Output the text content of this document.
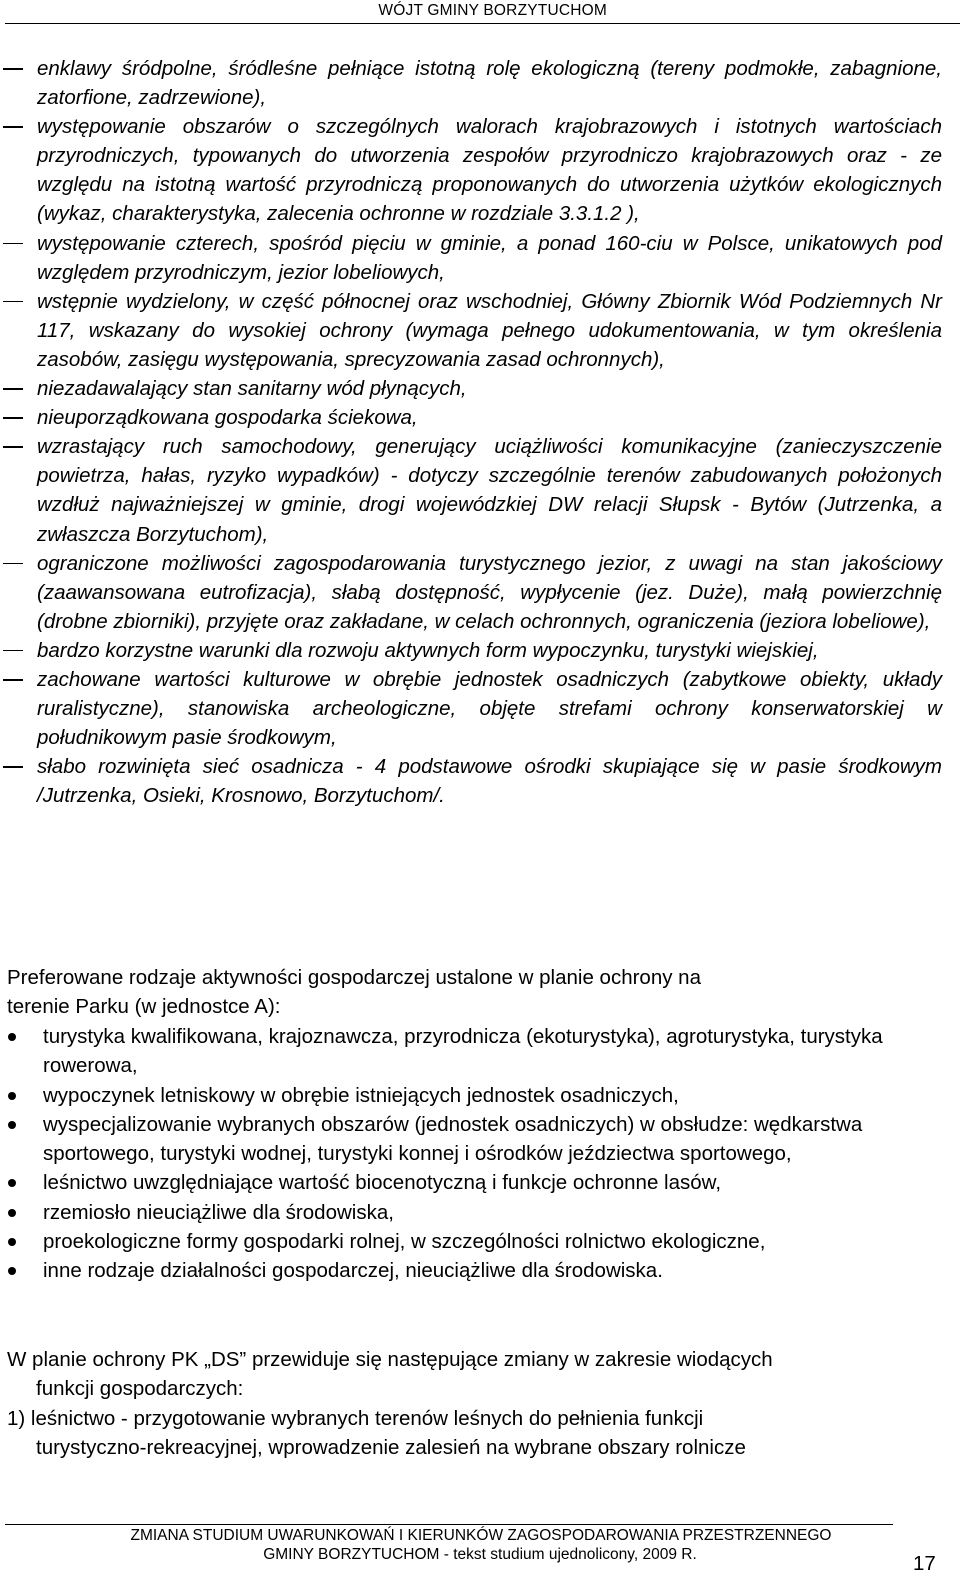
WÓJT GMINY BORZYTUCHOM
enklawy śródpolne, śródleśne pełniące istotną rolę ekologiczną (tereny podmokłe, zabagnione, zatorfione, zadrzewione),
występowanie obszarów o szczególnych walorach krajobrazowych i istotnych wartościach przyrodniczych, typowanych do utworzenia zespołów przyrodniczo krajobrazowych oraz - ze względu na istotną wartość przyrodniczą proponowanych do utworzenia użytków ekologicznych (wykaz, charakterystyka, zalecenia ochronne w rozdziale 3.3.1.2 ),
występowanie czterech, spośród pięciu w gminie, a ponad 160-ciu w Polsce, unikatowych pod względem przyrodniczym, jezior lobeliowych,
wstępnie wydzielony, w część północnej oraz wschodniej, Główny Zbiornik Wód Podziemnych Nr 117, wskazany do wysokiej ochrony (wymaga pełnego udokumentowania, w tym określenia zasobów, zasięgu występowania, sprecyzowania zasad ochronnych),
niezadawalający stan sanitarny wód płynących,
nieuporządkowana gospodarka ściekowa,
wzrastający ruch samochodowy, generujący uciążliwości komunikacyjne (zanieczyszczenie powietrza, hałas, ryzyko wypadków) - dotyczy szczególnie terenów zabudowanych położonych wzdłuż najważniejszej w gminie, drogi wojewódzkiej DW relacji Słupsk - Bytów (Jutrzenka, a zwłaszcza Borzytuchom),
ograniczone możliwości zagospodarowania turystycznego jezior, z uwagi na stan jakościowy (zaawansowana eutrofizacja), słabą dostępność, wypłycenie (jez. Duże), małą powierzchnię (drobne zbiorniki), przyjęte oraz zakładane, w celach ochronnych, ograniczenia (jeziora lobeliowe),
bardzo korzystne warunki dla rozwoju aktywnych form wypoczynku, turystyki wiejskiej,
zachowane wartości kulturowe w obrębie jednostek osadniczych (zabytkowe obiekty, układy ruralistyczne), stanowiska archeologiczne, objęte strefami ochrony konserwatorskiej w południkowym pasie środkowym,
słabo rozwinięta sieć osadnicza - 4 podstawowe ośrodki skupiające się w pasie środkowym /Jutrzenka, Osieki, Krosnowo, Borzytuchom/.

Preferowane rodzaje aktywności gospodarczej ustalone w planie ochrony na terenie Parku (w jednostce A):

turystyka kwalifikowana, krajoznawcza, przyrodnicza (ekoturystyka), agroturystyka, turystyka rowerowa,
wypoczynek letniskowy w obrębie istniejących jednostek osadniczych,
wyspecjalizowanie wybranych obszarów (jednostek osadniczych) w obsłudze: wędkarstwa sportowego, turystyki wodnej, turystyki konnej i ośrodków jeździectwa sportowego,
leśnictwo uwzględniające wartość biocenotyczną i funkcje ochronne lasów,
rzemiosło nieuciążliwe dla środowiska,
proekologiczne formy gospodarki rolnej, w szczególności rolnictwo ekologiczne,
inne rodzaje działalności gospodarczej, nieuciążliwe dla środowiska.

W planie ochrony PK „DS” przewiduje się następujące zmiany w zakresie wiodących
funkcji gospodarczych:

1) leśnictwo - przygotowanie wybranych terenów leśnych do pełnienia funkcji
turystyczno-rekreacyjnej, wprowadzenie zalesień na wybrane obszary rolnicze

ZMIANA STUDIUM UWARUNKOWAŃ I KIERUNKÓW ZAGOSPODAROWANIA PRZESTRZENNEGO
GMINY BORZYTUCHOM - tekst studium ujednolicony, 2009 R.	17
